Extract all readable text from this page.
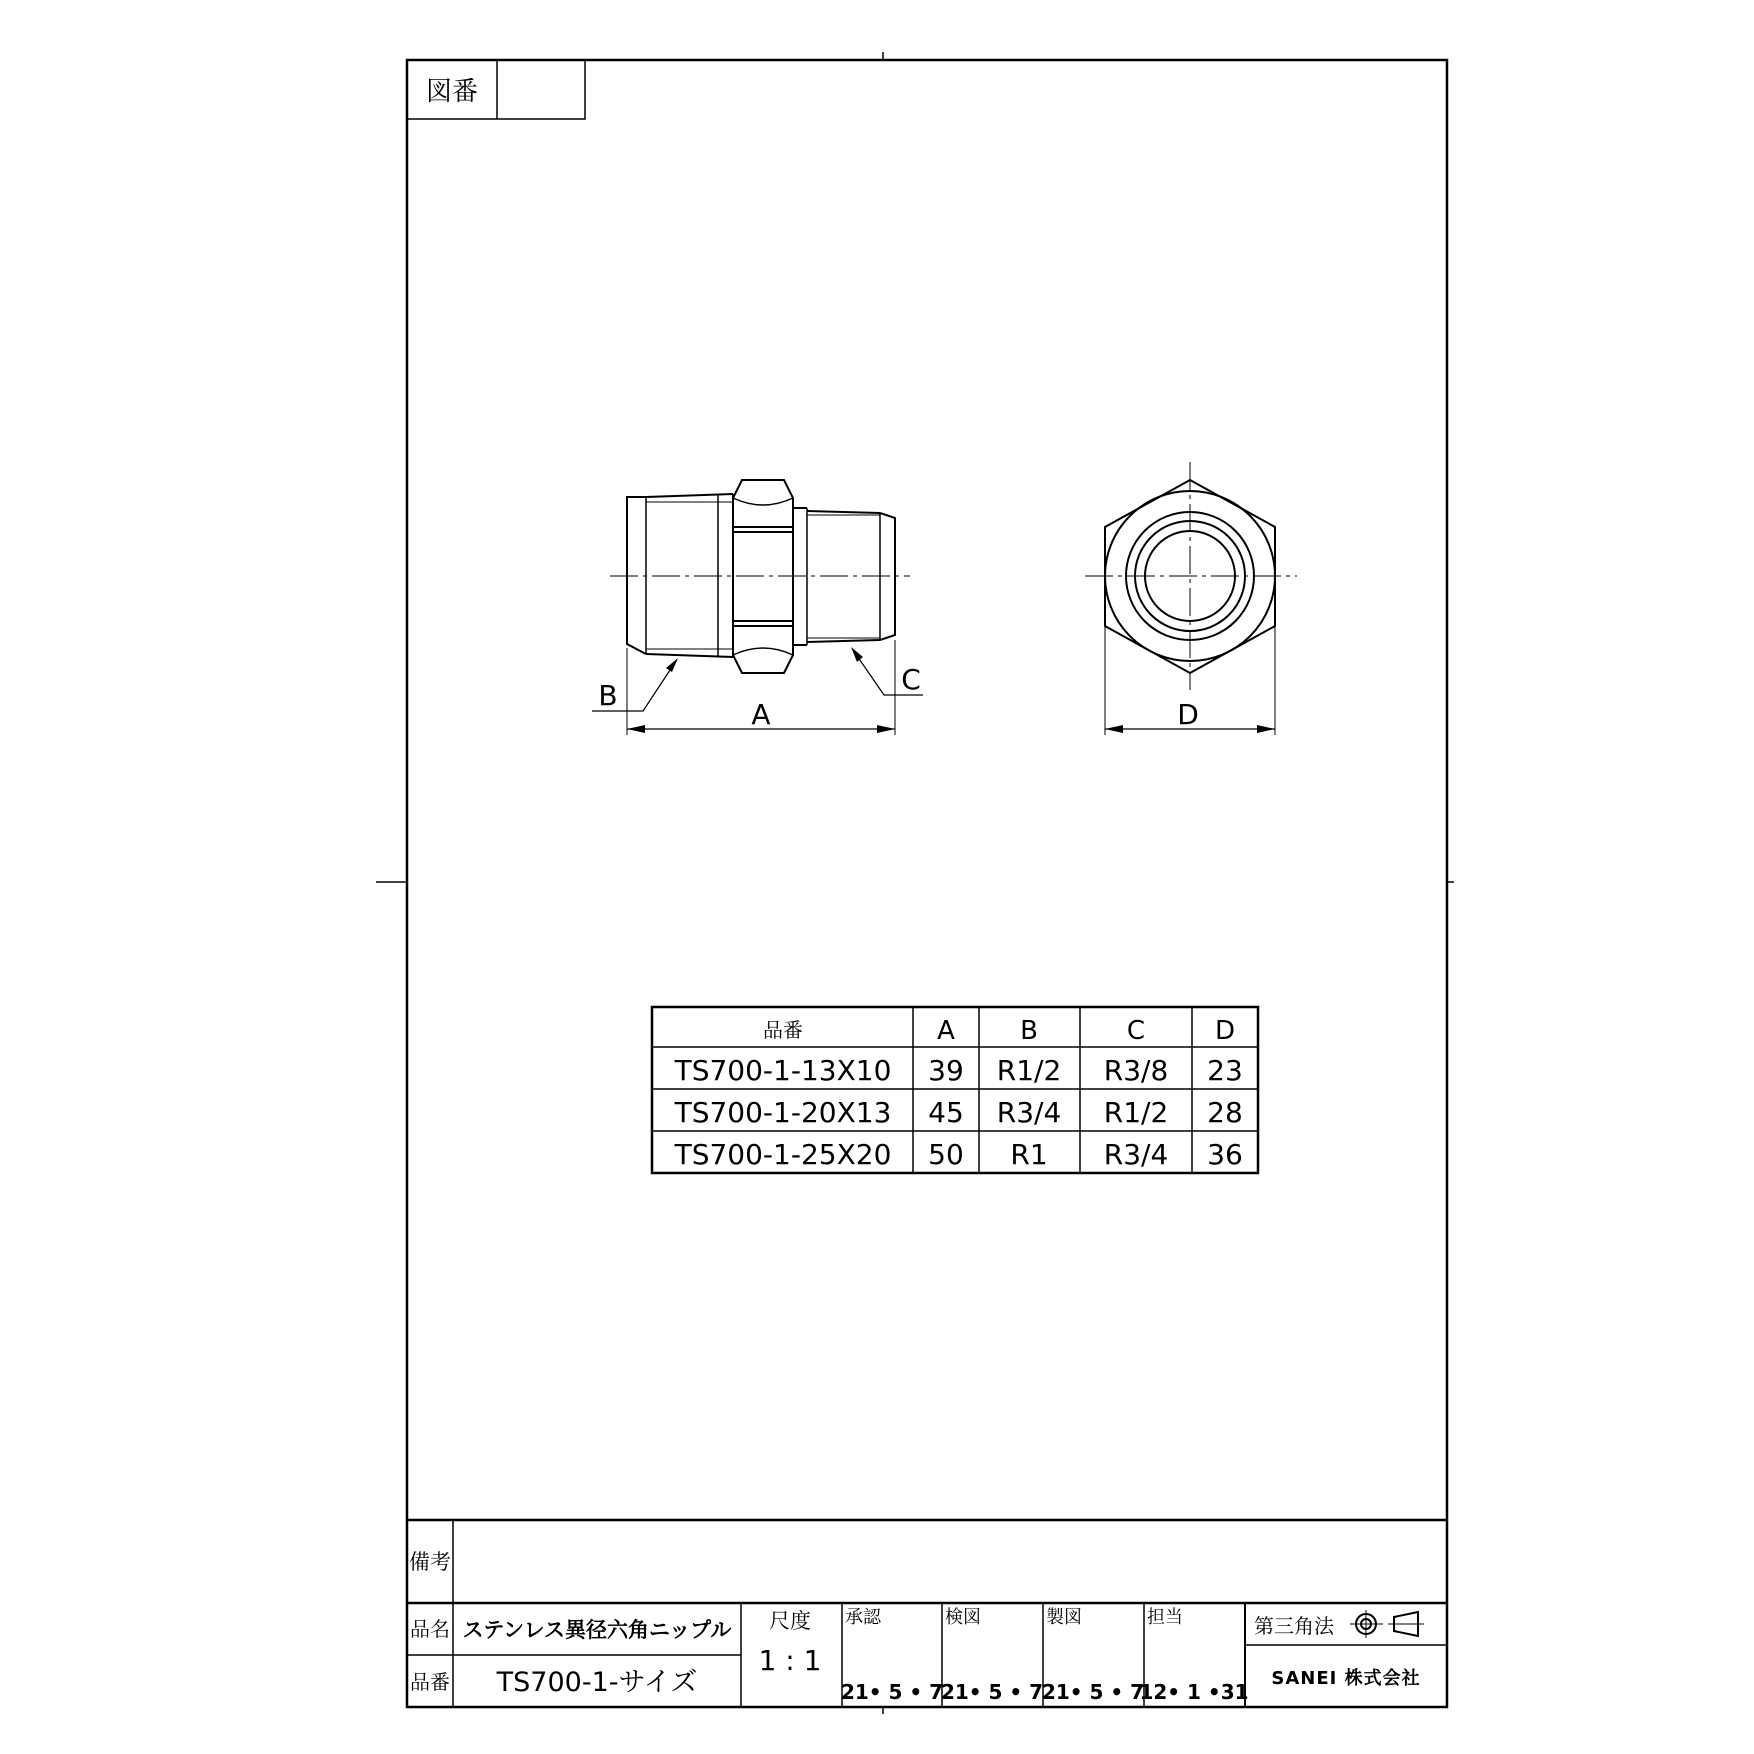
図番
A
B	C
D
品番	A	B	C	D
TS700-1-13X10 39 R1/2 R3/8 23
TS700-1-20X13 45 R3/4 R1/2 28
TS700-1-25X20 50 R1 R3/4 36
備考
品名 ステンレス異径六角ニップル
品番 TS700-1-サイズ
尺度
1 : 1
承認
21• 5 • 7
検図
21• 5 • 7
製図
21• 5 • 7
担当
12• 1 •31
第三角法
SANEI 株式会社
